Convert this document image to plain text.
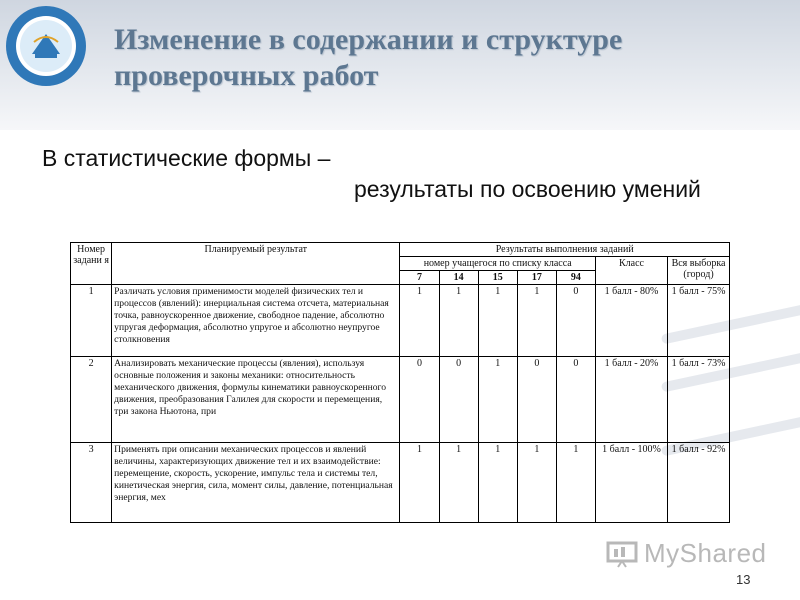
Изменение в содержании и структуре
проверочных работ
В статистические формы –
результаты по освоению умений
Номер задани я	Планируемый результат	Результаты выполнения заданий						
		номер учащегося по списку класса					Класс	Вся выборка (город)
		7	14	15	17	94		
1	Различать условия применимости моделей физических тел и процессов (явлений): инерциальная система отсчета, материальная точка, равноускоренное движение, свободное падение, абсолютно упругая деформация, абсолютно упругое и абсолютно неупругое столкновения	1	1	1	1	0	1 балл - 80%	1 балл - 75%
2	Анализировать механические процессы (явления), используя основные положения и законы механики: относительность механического движения, формулы кинематики равноускоренного движения, преобразования Галилея для скорости и перемещения, три закона Ньютона, при	0	0	1	0	0	1 балл - 20%	1 балл - 73%
3	Применять при описании механических процессов и явлений величины, характеризующих движение тел и их взаимодействие: перемещение, скорость, ускорение, импульс тела и системы тел, кинетическая энергия, сила, момент силы, давление, потенциальная энергия, мех	1	1	1	1	1	1 балл - 100%	1 балл - 92%
MyShared
13
